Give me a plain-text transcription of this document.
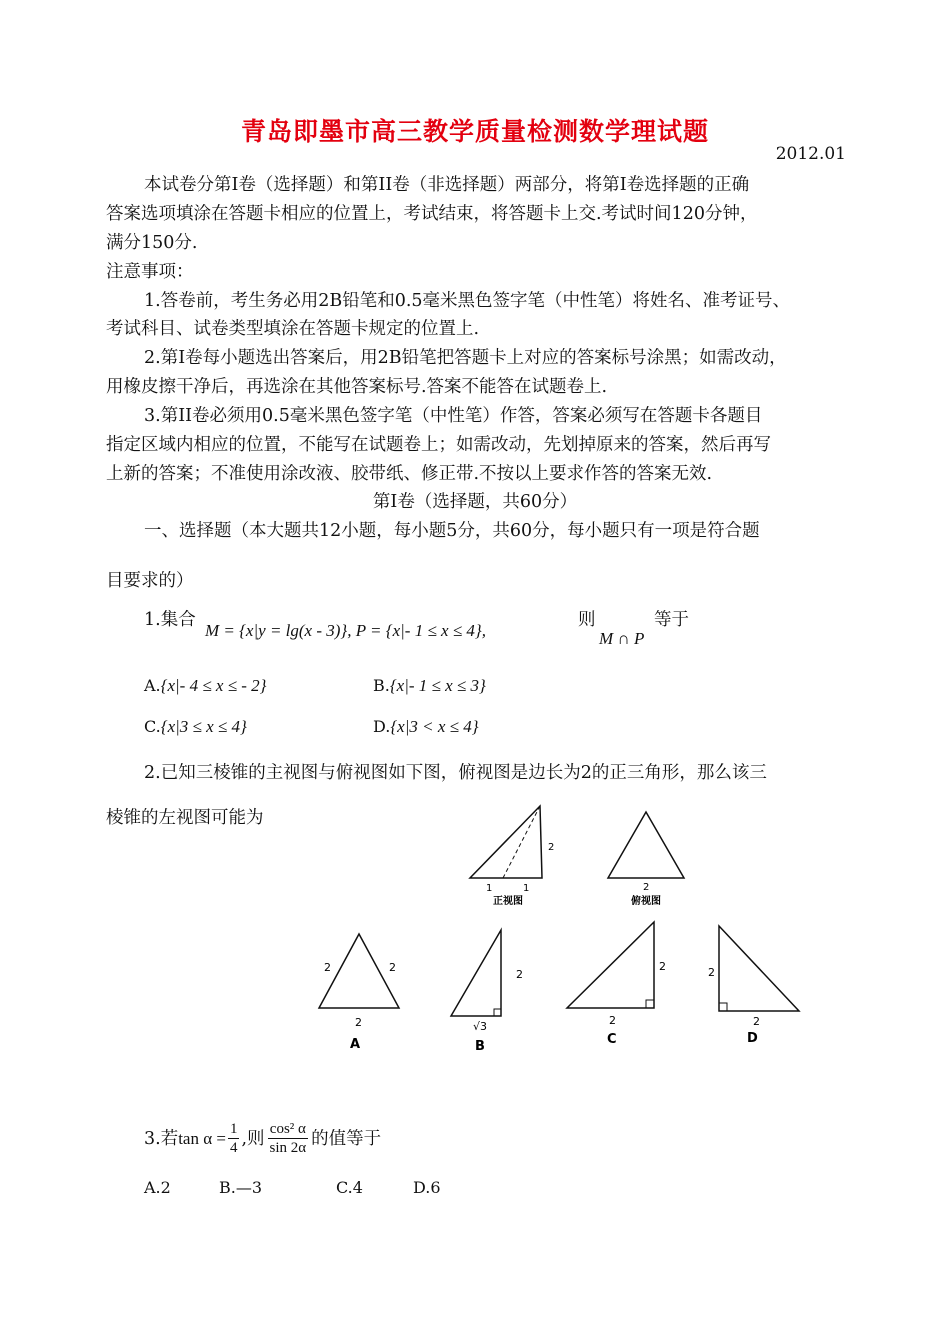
青岛即墨市高三教学质量检测数学理试题
2012.01
本试卷分第Ⅰ卷（选择题）和第II卷（非选择题）两部分，将第Ⅰ卷选择题的正确
答案选项填涂在答题卡相应的位置上，考试结束，将答题卡上交.考试时间120分钟，
满分150分.
注意事项：
1.答卷前，考生务必用2B铅笔和0.5毫米黑色签字笔（中性笔）将姓名、准考证号、
考试科目、试卷类型填涂在答题卡规定的位置上.
2.第Ⅰ卷每小题选出答案后，用2B铅笔把答题卡上对应的答案标号涂黑；如需改动，
用橡皮擦干净后，再选涂在其他答案标号.答案不能答在试题卷上.
3.第II卷必须用0.5毫米黑色签字笔（中性笔）作答，答案必须写在答题卡各题目
指定区域内相应的位置，不能写在试题卷上；如需改动，先划掉原来的答案，然后再写
上新的答案；不准使用涂改液、胶带纸、修正带.不按以上要求作答的答案无效.
第Ⅰ卷（选择题，共60分）
一、选择题（本大题共12小题，每小题5分，共60分，每小题只有一项是符合题
目要求的）
1.集合
M = {x|y = lg(x - 3)}, P = {x|- 1 ≤ x ≤ 4},
则
M ∩ P
等于
A.{x|- 4 ≤ x ≤ - 2}	B.{x|- 1 ≤ x ≤ 3}
C.{x|3 ≤ x ≤ 4}	D.{x|3 < x ≤ 4}
2.已知三棱锥的主视图与俯视图如下图，俯视图是边长为2的正三角形，那么该三
棱锥的左视图可能为
1	1
2
正视图
2
俯视图
2	2
2
A
2
√3
B
2
2
C
2
2
D
3.若 $\tan \alpha = \frac{1}{4}$ ,则 $\frac{\text{cos² α}}{\sin 2\alpha}$ 的值等于
A.2	B.—3	C.4	D.6
